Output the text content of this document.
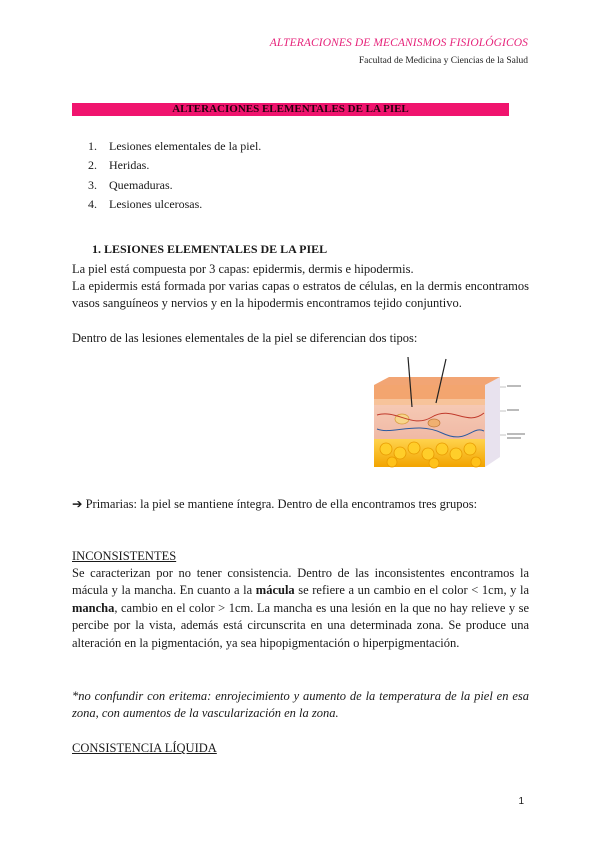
ALTERACIONES DE MECANISMOS FISIOLÓGICOS
Facultad de Medicina y Ciencias de la Salud
ALTERACIONES ELEMENTALES DE LA PIEL
1. Lesiones elementales de la piel.
2. Heridas.
3. Quemaduras.
4. Lesiones ulcerosas.
1. LESIONES ELEMENTALES DE LA PIEL
La piel está compuesta por 3 capas: epidermis, dermis e hipodermis.
La epidermis está formada por varias capas o estratos de células, en la dermis encontramos vasos sanguíneos y nervios y en la hipodermis encontramos tejido conjuntivo.
Dentro de las lesiones elementales de la piel se diferencian dos tipos:
➔ Primarias: la piel se mantiene íntegra. Dentro de ella encontramos tres grupos:
INCONSISTENTES
Se caracterizan por no tener consistencia. Dentro de las inconsistentes encontramos la mácula y la mancha. En cuanto a la mácula se refiere a un cambio en el color < 1cm, y la mancha, cambio en el color > 1cm. La mancha es una lesión en la que no hay relieve y se percibe por la vista, además está circunscrita en una determinada zona. Se produce una alteración en la pigmentación, ya sea hipopigmentación o hiperpigmentación.
*no confundir con eritema: enrojecimiento y aumento de la temperatura de la piel en esa zona, con aumentos de la vascularización en la zona.
CONSISTENCIA LÍQUIDA
1
